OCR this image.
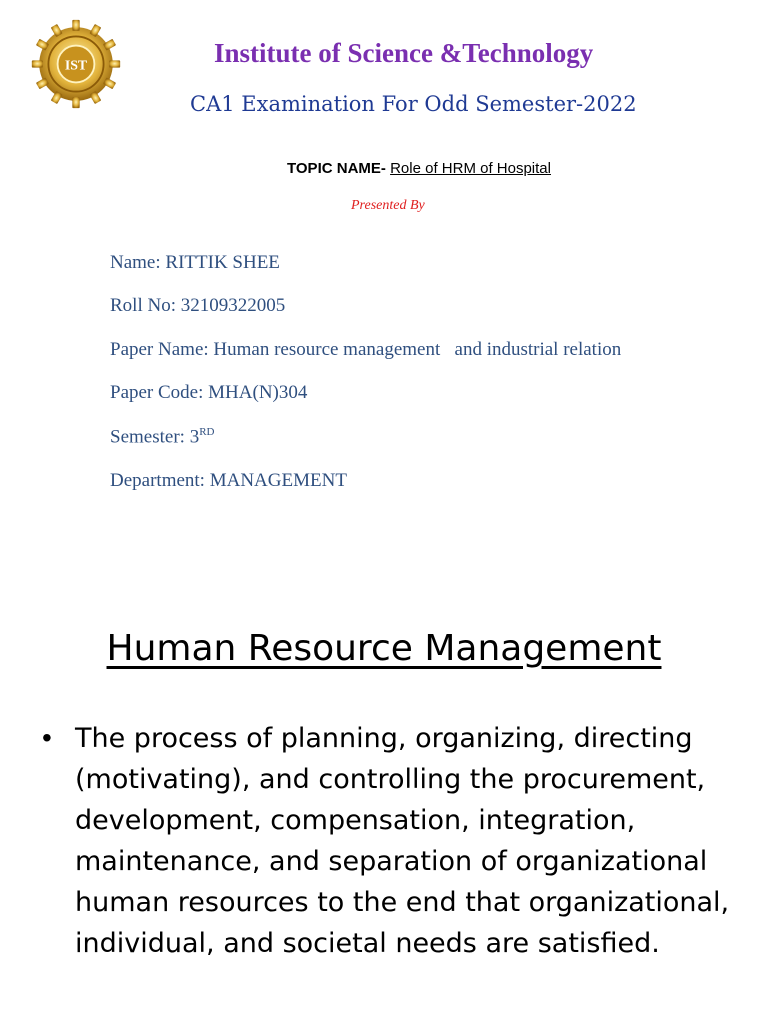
IST	Institute of Science &Technology
CA1 Examination For Odd Semester-2022
TOPIC NAME- Role of HRM of Hospital
Presented By
Name: RITTIK SHEE
Roll No: 32109322005
Paper Name: Human resource management   and industrial relation
Paper Code: MHA(N)304
Semester: 3RD
Department: MANAGEMENT
Human Resource Management
• The process of planning, organizing, directing (motivating), and controlling the procurement, development, compensation, integration, maintenance, and separation of organizational human resources to the end that organizational, individual, and societal needs are satisfied.
